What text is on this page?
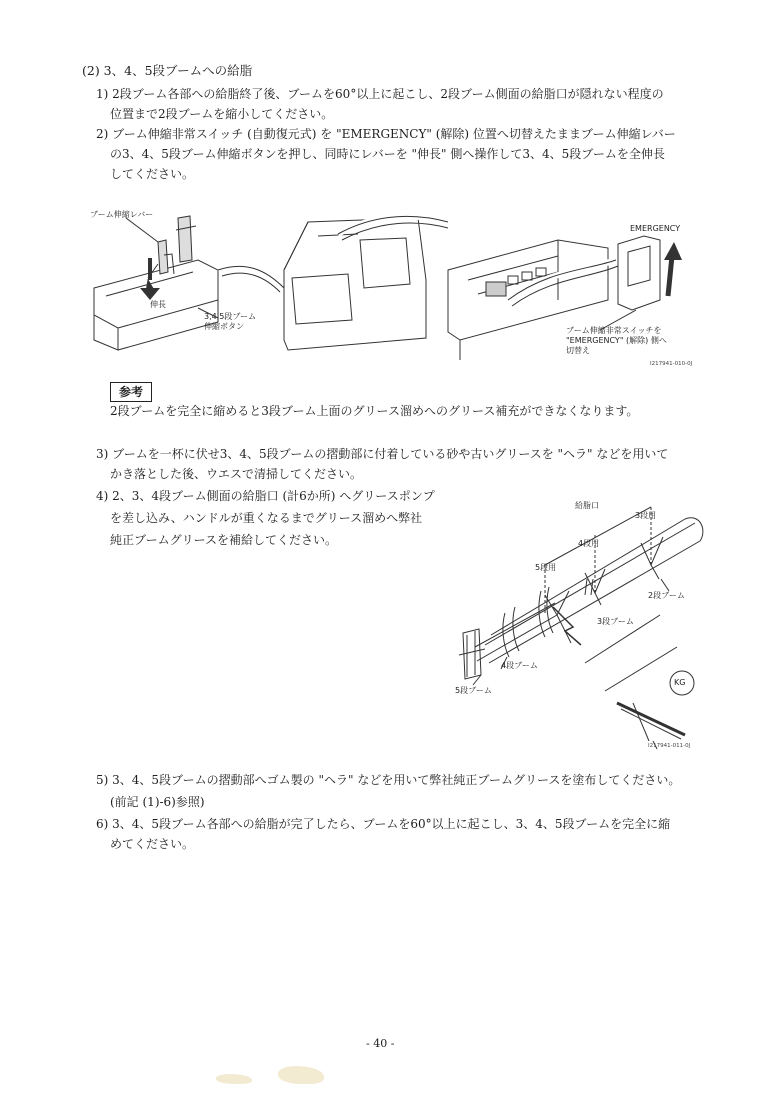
(2) 3、4、5段ブームへの給脂
1) 2段ブーム各部への給脂終了後、ブームを60°以上に起こし、2段ブーム側面の給脂口が隠れない程度の
位置まで2段ブームを縮小してください。
2) ブーム伸縮非常スイッチ (自動復元式) を "EMERGENCY" (解除) 位置へ切替えたままブーム伸縮レバー
の3、4、5段ブーム伸縮ボタンを押し、同時にレバーを "伸長" 側へ操作して3、4、5段ブームを全伸長
してください。
ブーム伸縮レバー
伸長
3,4,5段ブーム
伸縮ボタン
EMERGENCY
ブーム伸縮非常スイッチを
"EMERGENCY" (解除) 側へ
切替え
I217941-010-0J
参考
2段ブームを完全に縮めると3段ブーム上面のグリース溜めへのグリース補充ができなくなります。
3) ブームを一杯に伏せ3、4、5段ブームの摺動部に付着している砂や古いグリースを "ヘラ" などを用いて
かき落とした後、ウエスで清掃してください。
4) 2、3、4段ブーム側面の給脂口 (計6か所) へグリースポンプ
を差し込み、ハンドルが重くなるまでグリース溜めへ弊社
純正ブームグリースを補給してください。
給脂口
3段用
4段用
5段用
2段ブーム
3段ブーム
4段ブーム
5段ブーム
KG
I217941-011-0J
5) 3、4、5段ブームの摺動部へゴム製の "ヘラ" などを用いて弊社純正ブームグリースを塗布してください。
(前記 (1)-6)参照)
6) 3、4、5段ブーム各部への給脂が完了したら、ブームを60°以上に起こし、3、4、5段ブームを完全に縮
めてください。
- 40 -
